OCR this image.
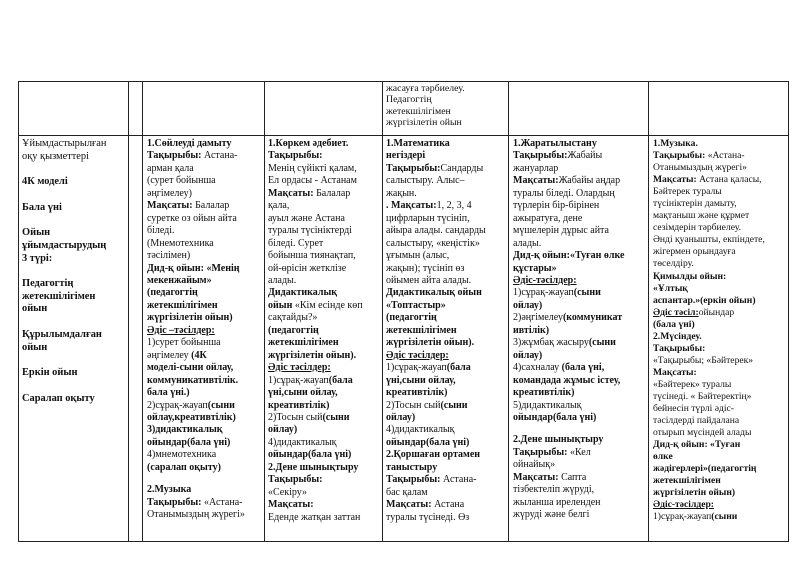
жасауға тәрбиелеу.

Педагогтің

жетекшілігімен

жүргізілетін ойын

Ұйымдастырылған

оқу қызметтері

4К моделі

Бала үні

Ойын

ұйымдастырудың

3 түрі:

Педагогтің

жетекшілігімен

ойын

Құрылымдалған

ойын

Еркін ойын

Саралап оқыту

1.Сөйлеуді дамыту

Тақырыбы: Астана-

арман қала

(сурет бойынша

әңгімелеу)

Мақсаты: Балалар

суретке оз ойын айта

біледі.

(Мнемотехника

тәсілімен)

Дид-қ ойын: «Менің

мекенжайым»

(педагогтің

жетекшілігімен

жүргізілетін ойын)

Әдіс –тәсілдер:

1)сурет бойынша

әңгімелеу (4К

моделі-сыни ойлау,

коммуникативтілік.

бала үні.)

2)сұрақ-жауап(сыни

ойлау,креативтілік)

3)дидактикалық

ойындар(бала үні)

4)мнемотехника

(саралап оқыту)

2.Музыка

Тақырыбы: «Астана-

Отанымыздың жүрегі»

1.Көркем әдебиет.

Тақырыбы:

Менің сүйікті қалам,

Ел ордасы - Астанам

Мақсаты: Балалар

қала,

ауыл және Астана

туралы түсініктерді

біледі. Сурет

бойынша тиянақтап,

ой-өрісін жетклізе

алады.

Дидактикалық

ойын «Кім есінде көп

сақтайды?»

(педагогтің

жетекшілігімен

жүргізілетін ойын).

Әдіс тәсілдер:

1)сұрақ-жауап(бала

үні,сыни ойлау,

креативтілік)

2)Тосын сый(сыни

ойлау)

4)дидактикалық

ойындар(бала үні)

2.Дене шынықтыру

Тақырыбы:

«Секіру»

Мақсаты:

Еденде жатқан заттан

1.Математика

негіздері

Тақырыбы:Сандарды

салыстыру. Алыс–

жақын.

. Мақсаты:1, 2, 3, 4

цифрларын түсініп,

айыра алады. сандарды

салыстыру, «кеңістік»

ұғымын (алыс,

жақын); түсініп өз

ойымен айта алады.

Дидактикалық ойын

«Топтастыр»

(педагогтің

жетекшілігімен

жүргізілетін ойын).

Әдіс тәсілдер:

1)сұрақ-жауап(бала

үні,сыни ойлау,

креативтілік)

2)Тосын сый(сыни

ойлау)

4)дидактикалық

ойындар(бала үні)

2.Қоршаған ортамен

таныстыру

Тақырыбы: Астана-

бас қалам

Мақсаты: Астана

туралы түсінеді. Өз

1.Жаратылыстану

Тақырыбы:Жабайы

жануарлар

Мақсаты:Жабайы аңдар

туралы біледі. Олардың

түрлерін бір-бірінен

ажыратуға, дене

мүшелерін дұрыс айта

алады.

Дид-қ ойын:«Туған өлке

құстары»

Әдіс-тәсілдер:

1)сұрақ-жауап(сыни

ойлау)

2)әңгімелеу(коммуникат

ивтілік)

3)жұмбақ жасыру(сыни

ойлау)

4)сахналау (бала үні,

командада жұмыс істеу,

креативтілік)

5)дидактикалық

ойындар(бала үні)

2.Дене шынықтыру

Тақырыбы: «Кел

ойнайық»

Мақсаты: Сапта

тізбектеліп жүруді,

жыланша иреленден

жүруді және белгі

1.Музыка.

Тақырыбы: «Астана-

Отанымыздың жүрегі»

Мақсаты: Астана қаласы,

Бәйтерек туралы

түсініктерін дамыту,

мақтаныш және құрмет

сезімдерін тәрбиелеу.

Әнді қуанышты, екпіндете,

жігермен орындауға

төселдіру.

Қимылды ойын:

«Ұлтық

аспантар.»(еркін ойын)

Әдіс тәсіл:ойындар

(бала үні)

2.Мүсіндеу.

Тақырыбы:

«Тақырыбы; «Бәйтерек»

Мақсаты:

«Бәйтерек» туралы

түсінеді. « Бәйтеректің»

бейнесін түрлі әдіс-

тәсілдерді пайдалана

отырып мүсіндей алады

Дид-қ ойын: «Туған

өлке

жәдігерлері»(педагогтің

жетекшілігімен

жүргізілетін ойын)

Әдіс-тәсілдер:

1)сұрақ-жауап(сыни
